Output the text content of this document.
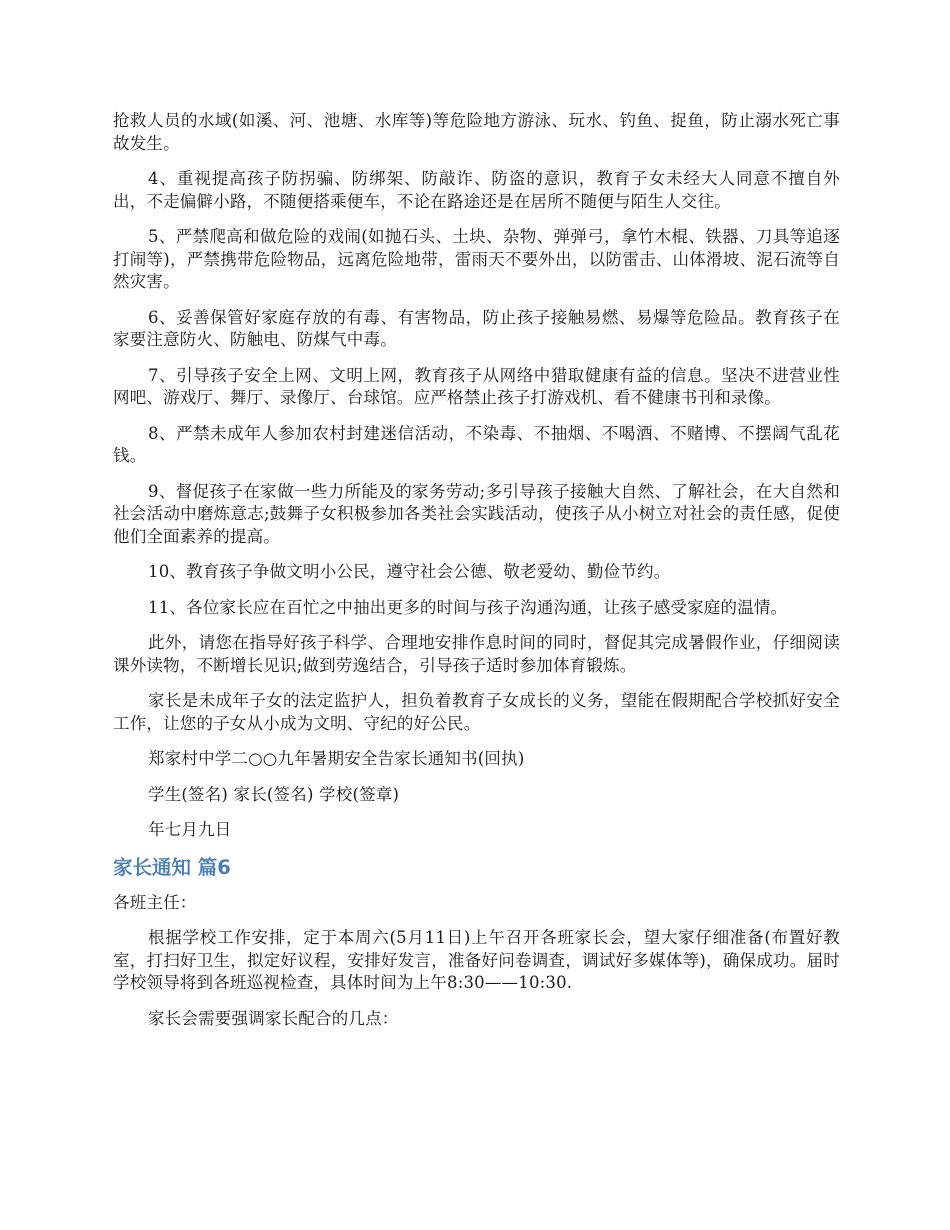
抢救人员的水域(如溪、河、池塘、水库等)等危险地方游泳、玩水、钓鱼、捉鱼，防止溺水死亡事故发生。

4、重视提高孩子防拐骗、防绑架、防敲诈、防盗的意识，教育子女未经大人同意不擅自外出，不走偏僻小路，不随便搭乘便车，不论在路途还是在居所不随便与陌生人交往。

5、严禁爬高和做危险的戏闹(如抛石头、土块、杂物、弹弹弓，拿竹木棍、铁器、刀具等追逐打闹等)，严禁携带危险物品，远离危险地带，雷雨天不要外出，以防雷击、山体滑坡、泥石流等自然灾害。

6、妥善保管好家庭存放的有毒、有害物品，防止孩子接触易燃、易爆等危险品。教育孩子在家要注意防火、防触电、防煤气中毒。

7、引导孩子安全上网、文明上网，教育孩子从网络中猎取健康有益的信息。坚决不进营业性网吧、游戏厅、舞厅、录像厅、台球馆。应严格禁止孩子打游戏机、看不健康书刊和录像。

8、严禁未成年人参加农村封建迷信活动，不染毒、不抽烟、不喝酒、不赌博、不摆阔气乱花钱。

9、督促孩子在家做一些力所能及的家务劳动;多引导孩子接触大自然、了解社会，在大自然和社会活动中磨炼意志;鼓舞子女积极参加各类社会实践活动，使孩子从小树立对社会的责任感，促使他们全面素养的提高。

10、教育孩子争做文明小公民，遵守社会公德、敬老爱幼、勤俭节约。

11、各位家长应在百忙之中抽出更多的时间与孩子沟通沟通，让孩子感受家庭的温情。

此外，请您在指导好孩子科学、合理地安排作息时间的同时，督促其完成暑假作业，仔细阅读课外读物，不断增长见识;做到劳逸结合，引导孩子适时参加体育锻炼。

家长是未成年子女的法定监护人，担负着教育子女成长的义务，望能在假期配合学校抓好安全工作，让您的子女从小成为文明、守纪的好公民。

郑家村中学二○○九年暑期安全告家长通知书(回执)

学生(签名) 家长(签名) 学校(签章)

年七月九日

家长通知 篇6

各班主任：

根据学校工作安排，定于本周六(5月11日)上午召开各班家长会，望大家仔细准备(布置好教室，打扫好卫生，拟定好议程，安排好发言，准备好问卷调查，调试好多媒体等)，确保成功。届时学校领导将到各班巡视检查，具体时间为上午8:30——10:30.

家长会需要强调家长配合的几点：
